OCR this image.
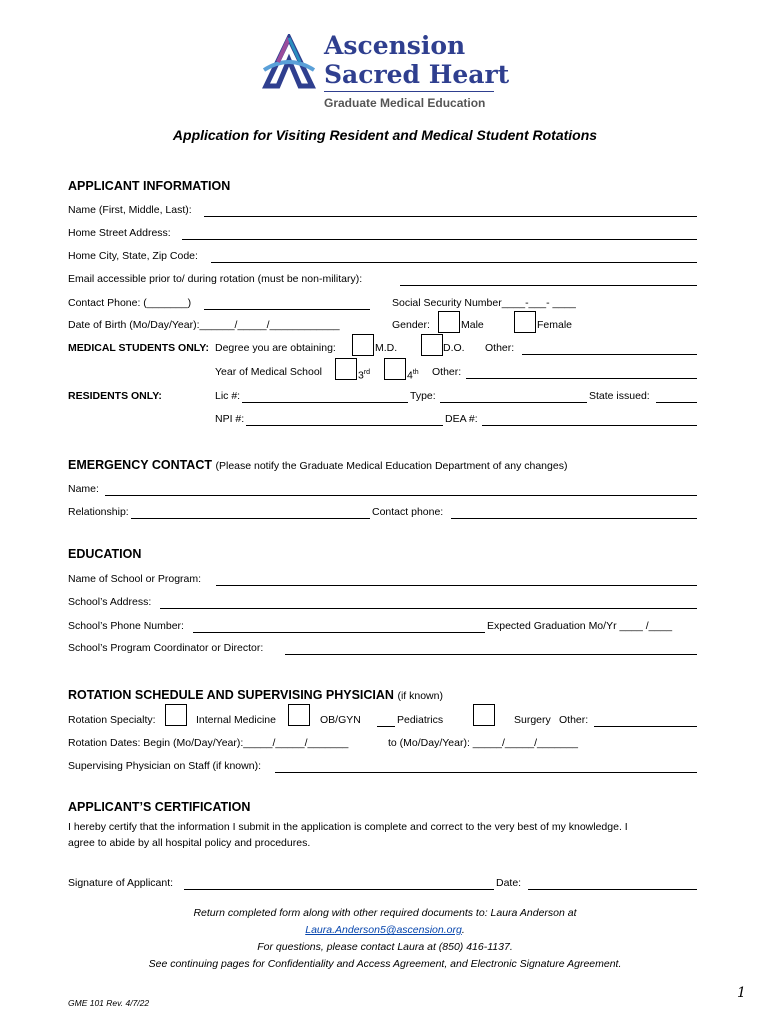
Ascension
Sacred Heart
Graduate Medical Education
Application for Visiting Resident and Medical Student Rotations
APPLICANT INFORMATION
Name (First, Middle, Last):
Home Street Address:
Home City, State, Zip Code:
Email accessible prior to/ during rotation (must be non-military):
Contact Phone: (_______)	Social Security Number____-___- ____
Date of Birth (Mo/Day/Year):______/_____/____________	Gender:	Male	Female
MEDICAL STUDENTS ONLY: Degree you are obtaining:	M.D.	D.O. Other:
Year of Medical School	3rd	4th Other:
RESIDENTS ONLY:	Lic #:	Type:	State issued:
NPI #:	DEA #:
EMERGENCY CONTACT (Please notify the Graduate Medical Education Department of any changes)
Name:
Relationship:	Contact phone:
EDUCATION
Name of School or Program:
School’s Address:
School’s Phone Number:	Expected Graduation Mo/Yr ____ /____
School’s Program Coordinator or Director:
ROTATION SCHEDULE AND SUPERVISING PHYSICIAN (if known)
Rotation Specialty:	Internal Medicine	OB/GYN	Pediatrics	Surgery Other:
Rotation Dates: Begin (Mo/Day/Year):_____/_____/_______	to (Mo/Day/Year): _____/_____/_______
Supervising Physician on Staff (if known):
APPLICANT’S CERTIFICATION
I hereby certify that the information I submit in the application is complete and correct to the very best of my knowledge. I
agree to abide by all hospital policy and procedures.
Signature of Applicant:	Date:
Return completed form along with other required documents to: Laura Anderson at
Laura.Anderson5@ascension.org.
For questions, please contact Laura at (850) 416-1137.
See continuing pages for Confidentiality and Access Agreement, and Electronic Signature Agreement.
GME 101 Rev. 4/7/22
1
